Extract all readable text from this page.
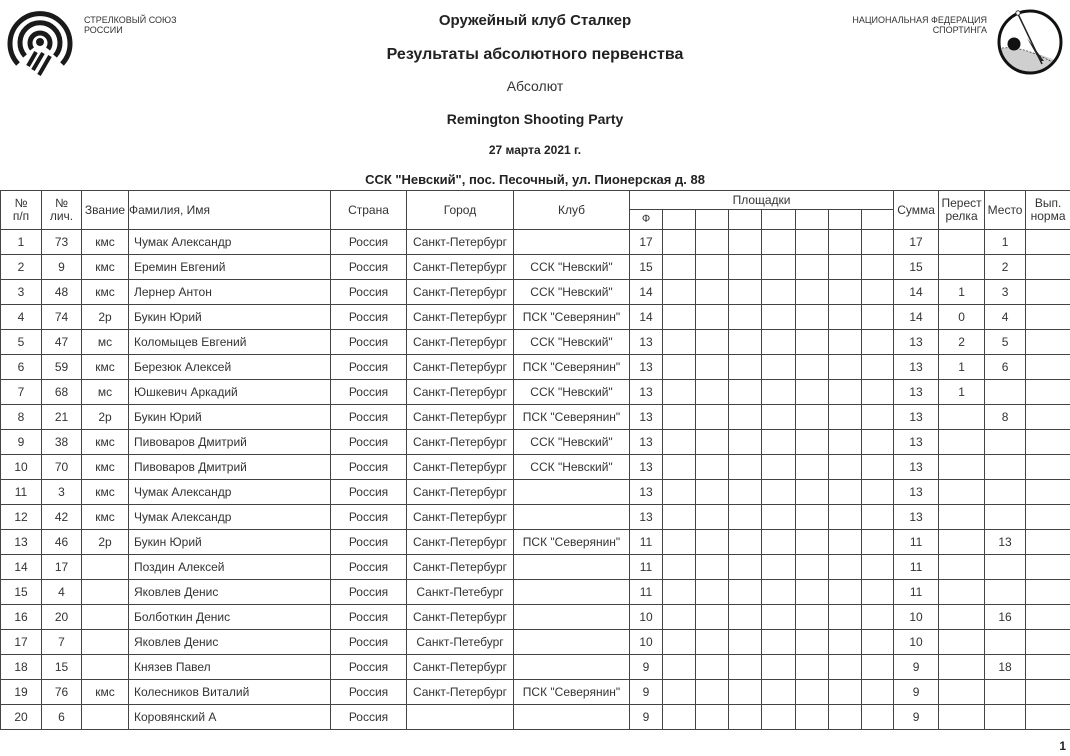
СТРЕЛКОВЫЙ СОЮЗ
РОССИИ
НАЦИОНАЛЬНАЯ ФЕДЕРАЦИЯ
СПОРТИНГА
Оружейный клуб Сталкер
Результаты абсолютного первенства
Абсолют
Remington Shooting Party
27 марта 2021 г.
ССК "Невский", пос. Песочный, ул. Пионерская д. 88
№
п/п

№
лич.	Звание	Фамилия, Имя	Страна	Город	Клуб	Площадки	Сумма	Перест
релка	Место	Вып.
норма

							Ф											
1	73	кмс	Чумак Александр	Россия	Санкт-Петербург		17								17		1	
2	9	кмс	Еремин Евгений	Россия	Санкт-Петербург	ССК "Невский"	15								15		2	
3	48	кмс	Лернер Антон	Россия	Санкт-Петербург	ССК "Невский"	14								14	1	3	
4	74	2р	Букин Юрий	Россия	Санкт-Петербург	ПСК "Северянин"	14								14	0	4	
5	47	мс	Коломыцев Евгений	Россия	Санкт-Петербург	ССК "Невский"	13								13	2	5	
6	59	кмс	Березюк Алексей	Россия	Санкт-Петербург	ПСК "Северянин"	13								13	1	6	
7	68	мс	Юшкевич Аркадий	Россия	Санкт-Петербург	ССК "Невский"	13								13	1		
8	21	2р	Букин Юрий	Россия	Санкт-Петербург	ПСК "Северянин"	13								13		8	
9	38	кмс	Пивоваров Дмитрий	Россия	Санкт-Петербург	ССК "Невский"	13								13			
10	70	кмс	Пивоваров Дмитрий	Россия	Санкт-Петербург	ССК "Невский"	13								13			
11	3	кмс	Чумак Александр	Россия	Санкт-Петербург		13								13			
12	42	кмс	Чумак Александр	Россия	Санкт-Петербург		13								13			
13	46	2р	Букин Юрий	Россия	Санкт-Петербург	ПСК "Северянин"	11								11		13	
14	17		Поздин Алексей	Россия	Санкт-Петербург		11								11			
15	4		Яковлев Денис	Россия	Санкт-Петебург		11								11			
16	20		Болботкин Денис	Россия	Санкт-Петербург		10								10		16	
17	7		Яковлев Денис	Россия	Санкт-Петебург		10								10			
18	15		Князев Павел	Россия	Санкт-Петербург		9								9		18	
19	76	кмс	Колесников Виталий	Россия	Санкт-Петербург	ПСК "Северянин"	9								9			
20	6		Коровянский А	Россия			9								9			
1
